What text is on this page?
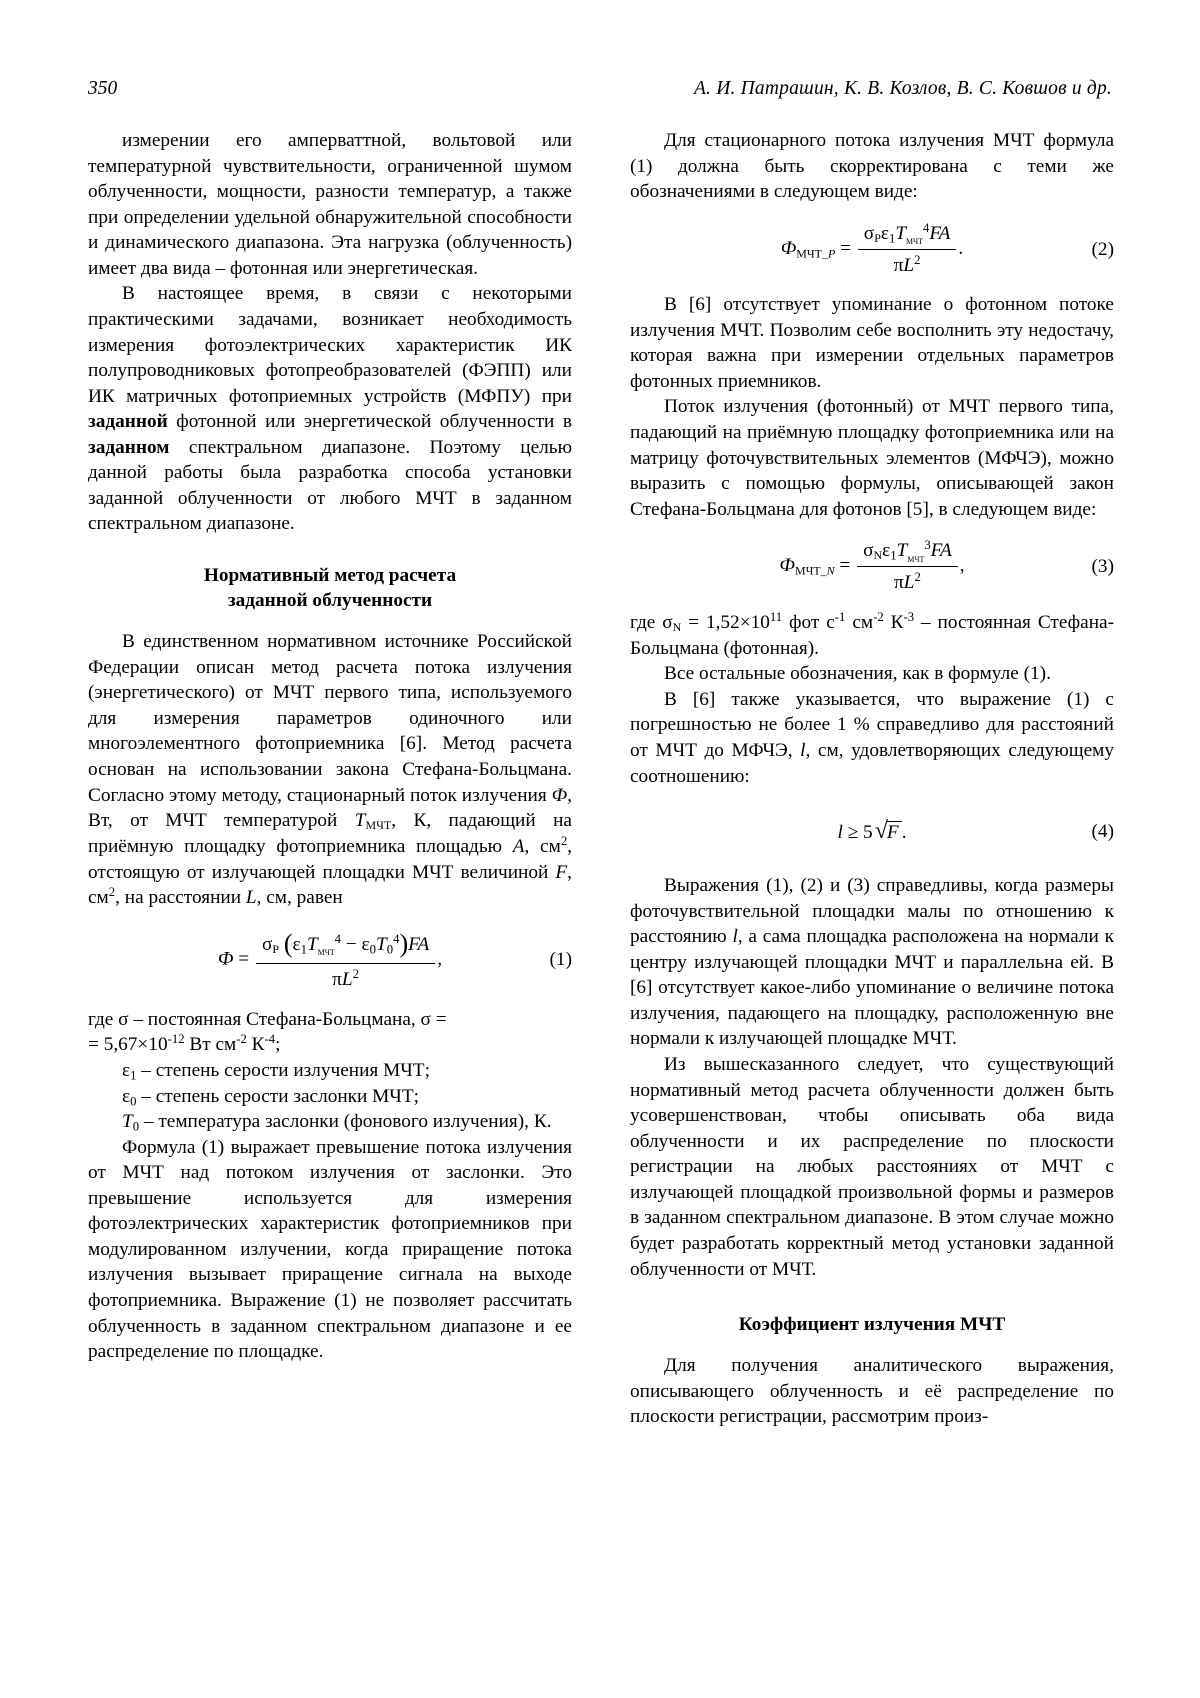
350	А. И. Патрашин, К. В. Козлов, В. С. Ковшов и др.

измерении его амперваттной, вольтовой или температурной чувствительности, ограниченной шумом облученности, мощности, разности температур, а также при определении удельной обнаружительной способности и динамического диапазона. Эта нагрузка (облученность) имеет два вида – фотонная или энергетическая.

В настоящее время, в связи с некоторыми практическими задачами, возникает необходимость измерения фотоэлектрических характеристик ИК полупроводниковых фотопреобразователей (ФЭПП) или ИК матричных фотоприемных устройств (МФПУ) при заданной фотонной или энергетической облученности в заданном спектральном диапазоне. Поэтому целью данной работы была разработка способа установки заданной облученности от любого МЧТ в заданном спектральном диапазоне.

Нормативный метод расчета
заданной облученности

В единственном нормативном источнике Российской Федерации описан метод расчета потока излучения (энергетического) от МЧТ первого типа, используемого для измерения параметров одиночного или многоэлементного фотоприемника [6]. Метод расчета основан на использовании закона Стефана-Больцмана. Согласно этому методу, стационарный поток излучения Ф, Вт, от МЧТ температурой TМЧТ, К, падающий на приёмную площадку фотоприемника площадью A, $см^2$, отстоящую от излучающей площадки МЧТ величиной F, $см^2$, на расстоянии L, см, равен

$Ф = \frac{\sigma P (\varepsilon_1T_{МЧТ}^4 - \varepsilon_0T_0^4)FA}{\pi L^2}$ ,	(1)

где σ – постоянная Стефана-Больцмана, σ =
= $5,67\times 10^{-12}$ Вт $см^{-2}$ $К^{-4}$;

$\varepsilon_1$ – степень серости излучения МЧТ;

$\varepsilon_0$ – степень серости заслонки МЧТ;

$T_0$ – температура заслонки (фонового излучения), К.

Формула (1) выражает превышение потока излучения от МЧТ над потоком излучения от заслонки. Это превышение используется для измерения фотоэлектрических характеристик фотоприемников при модулированном излучении, когда приращение потока излучения вызывает приращение сигнала на выходе фотоприемника. Выражение (1) не позволяет рассчитать облученность в заданном спектральном диапазоне и ее распределение по площадке.

Для стационарного потока излучения МЧТ формула (1) должна быть скорректирована с теми же обозначениями в следующем виде:

ФМЧТ_P = $\frac{\sigma P\varepsilon_1T_{МЧТ}^4FA}{\pi L^2}$ .	(2)

В [6] отсутствует упоминание о фотонном потоке излучения МЧТ. Позволим себе восполнить эту недостачу, которая важна при измерении отдельных параметров фотонных приемников.

Поток излучения (фотонный) от МЧТ первого типа, падающий на приёмную площадку фотоприемника или на матрицу фоточувствительных элементов (МФЧЭ), можно выразить с помощью формулы, описывающей закон Стефана-Больцмана для фотонов [5], в следующем виде:

ФМЧТ_N = $\frac{\sigma N\varepsilon_1T_{МЧТ}^3FA}{\pi L^2}$ ,	(3)

где $\sigma N = 1,52\times 10^{11}$ фот $с^{-1}$ $см^{-2}$ $К^{-3}$ – постоянная Стефана-Больцмана (фотонная).

Все остальные обозначения, как в формуле (1).

В [6] также указывается, что выражение (1) с погрешностью не более 1 % справедливо для расстояний от МЧТ до МФЧЭ, l, см, удовлетворяющих следующему соотношению:

l ≥ 5√F .	(4)

Выражения (1), (2) и (3) справедливы, когда размеры фоточувствительной площадки малы по отношению к расстоянию l, а сама площадка расположена на нормали к центру излучающей площадки МЧТ и параллельна ей. В [6] отсутствует какое-либо упоминание о величине потока излучения, падающего на площадку, расположенную вне нормали к излучающей площадке МЧТ.

Из вышесказанного следует, что существующий нормативный метод расчета облученности должен быть усовершенствован, чтобы описывать оба вида облученности и их распределение по плоскости регистрации на любых расстояниях от МЧТ с излучающей площадкой произвольной формы и размеров в заданном спектральном диапазоне. В этом случае можно будет разработать корректный метод установки заданной облученности от МЧТ.

Коэффициент излучения МЧТ

Для получения аналитического выражения, описывающего облученность и её распределение по плоскости регистрации, рассмотрим произ-
